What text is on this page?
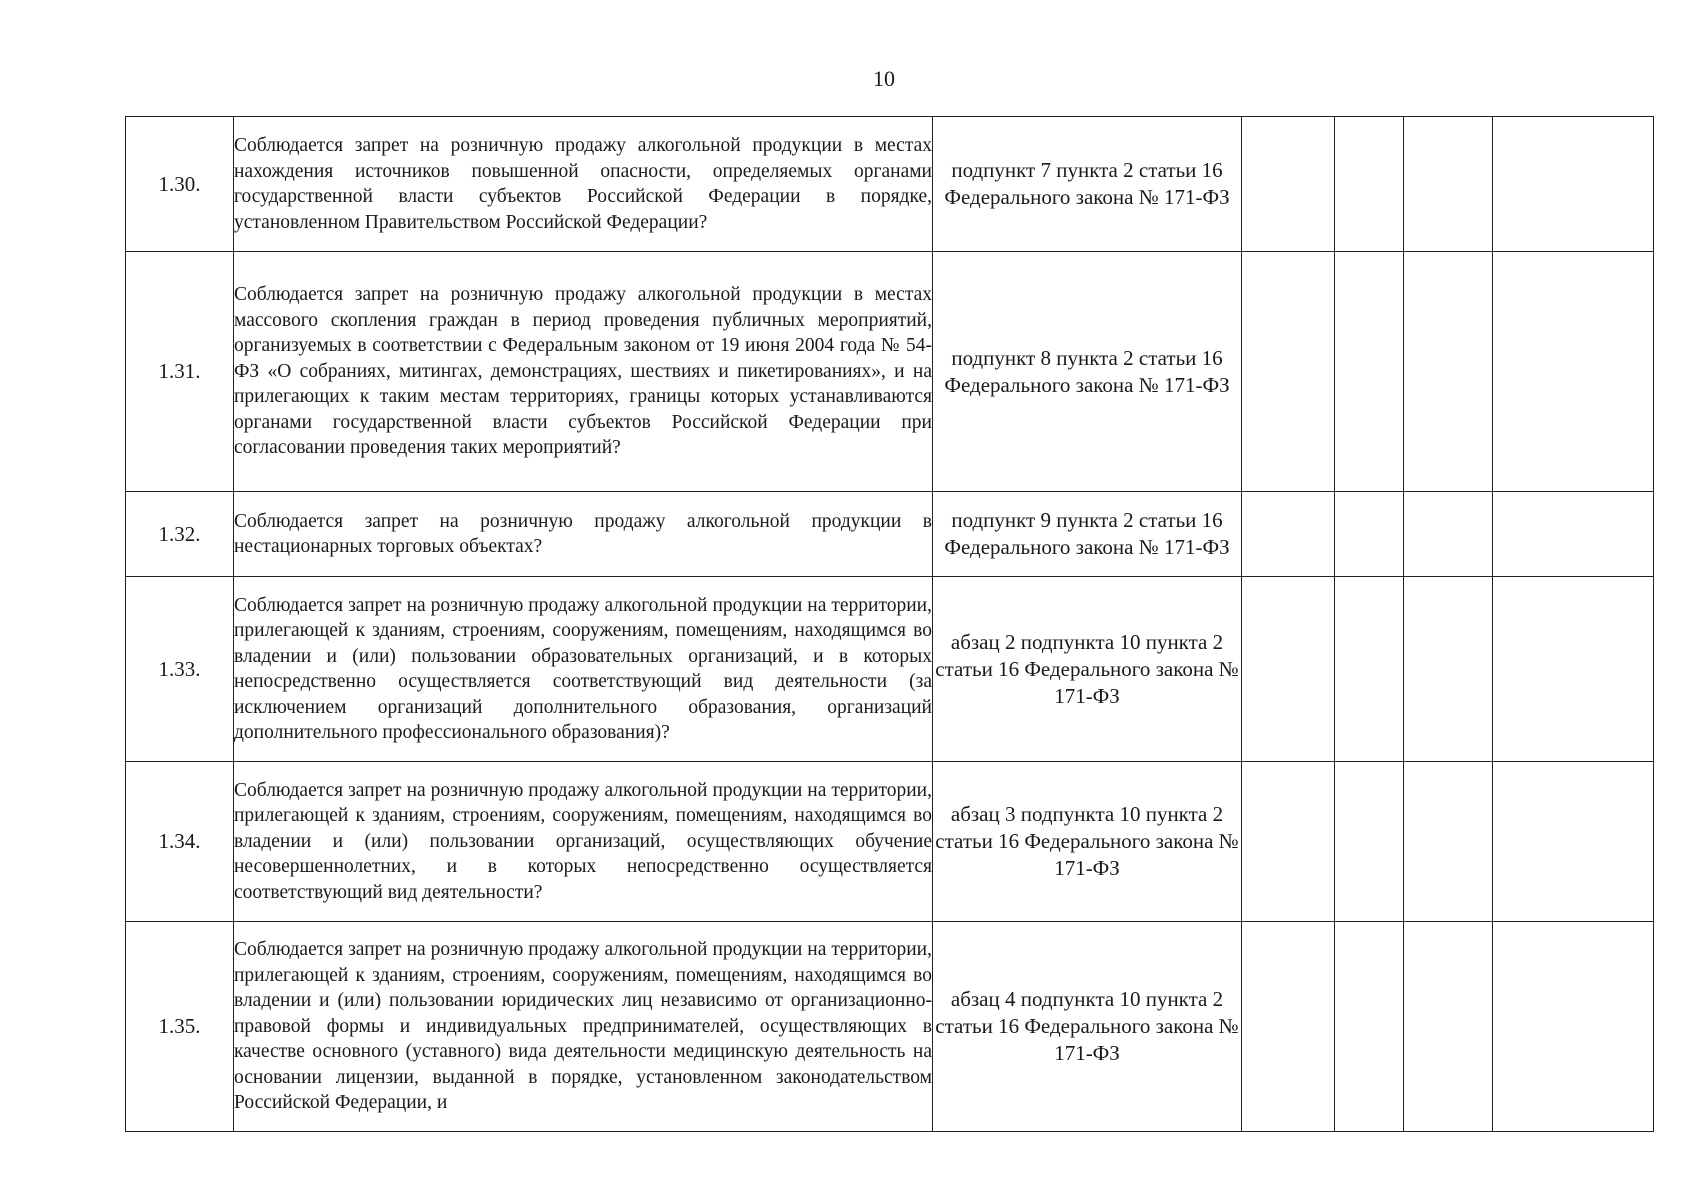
10
1.30.	Соблюдается запрет на розничную продажу алкогольной продукции в местах нахождения источников повышенной опасности, определяемых органами государственной власти субъектов Российской Федерации в порядке, установленном Правительством Российской Федерации?	подпункт 7 пункта 2 статьи 16 Федерального закона № 171-ФЗ				
1.31.	Соблюдается запрет на розничную продажу алкогольной продукции в местах массового скопления граждан в период проведения публичных мероприятий, организуемых в соответствии с Федеральным законом от 19 июня 2004 года № 54-ФЗ «О собраниях, митингах, демонстрациях, шествиях и пикетированиях», и на прилегающих к таким местам территориях, границы которых устанавливаются органами государственной власти субъектов Российской Федерации при согласовании проведения таких мероприятий?	подпункт 8 пункта 2 статьи 16 Федерального закона № 171-ФЗ				
1.32.	Соблюдается запрет на розничную продажу алкогольной продукции в нестационарных торговых объектах?	подпункт 9 пункта 2 статьи 16 Федерального закона № 171-ФЗ				
1.33.	Соблюдается запрет на розничную продажу алкогольной продукции на территории, прилегающей к зданиям, строениям, сооружениям, помещениям, находящимся во владении и (или) пользовании образовательных организаций, и в которых непосредственно осуществляется соответствующий вид деятельности (за исключением организаций дополнительного образования, организаций дополнительного профессионального образования)?	абзац 2 подпункта 10 пункта 2 статьи 16 Федерального закона № 171-ФЗ				
1.34.	Соблюдается запрет на розничную продажу алкогольной продукции на территории, прилегающей к зданиям, строениям, сооружениям, помещениям, находящимся во владении и (или) пользовании организаций, осуществляющих обучение несовершеннолетних, и в которых непосредственно осуществляется соответствующий вид деятельности?	абзац 3 подпункта 10 пункта 2 статьи 16 Федерального закона № 171-ФЗ				
1.35.	Соблюдается запрет на розничную продажу алкогольной продукции на территории, прилегающей к зданиям, строениям, сооружениям, помещениям, находящимся во владении и (или) пользовании юридических лиц независимо от организационно-правовой формы и индивидуальных предпринимателей, осуществляющих в качестве основного (уставного) вида деятельности медицинскую деятельность на основании лицензии, выданной в порядке, установленном законодательством Российской Федерации, и	абзац 4 подпункта 10 пункта 2 статьи 16 Федерального закона № 171-ФЗ				
